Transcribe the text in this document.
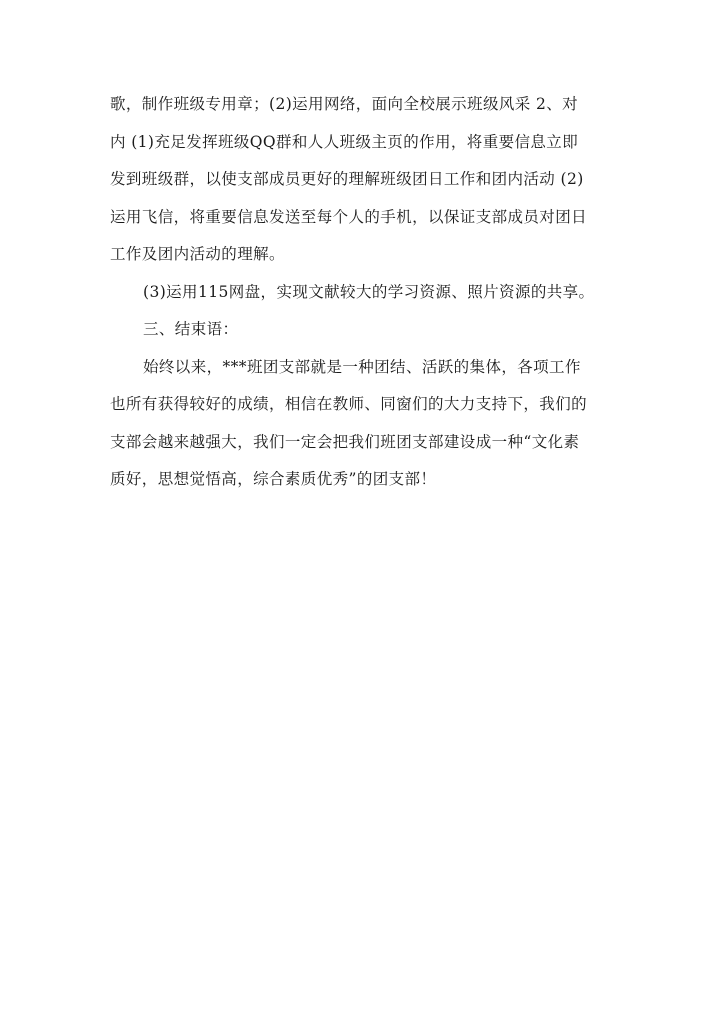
歌，制作班级专用章；(2)运用网络，面向全校展示班级风采 2、对
内 (1)充足发挥班级QQ群和人人班级主页的作用，将重要信息立即
发到班级群，以使支部成员更好的理解班级团日工作和团内活动 (2)
运用飞信，将重要信息发送至每个人的手机，以保证支部成员对团日
工作及团内活动的理解。

(3)运用115网盘，实现文献较大的学习资源、照片资源的共享。

三、结束语：

始终以来，***班团支部就是一种团结、活跃的集体，各项工作
也所有获得较好的成绩，相信在教师、同窗们的大力支持下，我们的
支部会越来越强大，我们一定会把我们班团支部建设成一种“文化素
质好，思想觉悟高，综合素质优秀”的团支部！
